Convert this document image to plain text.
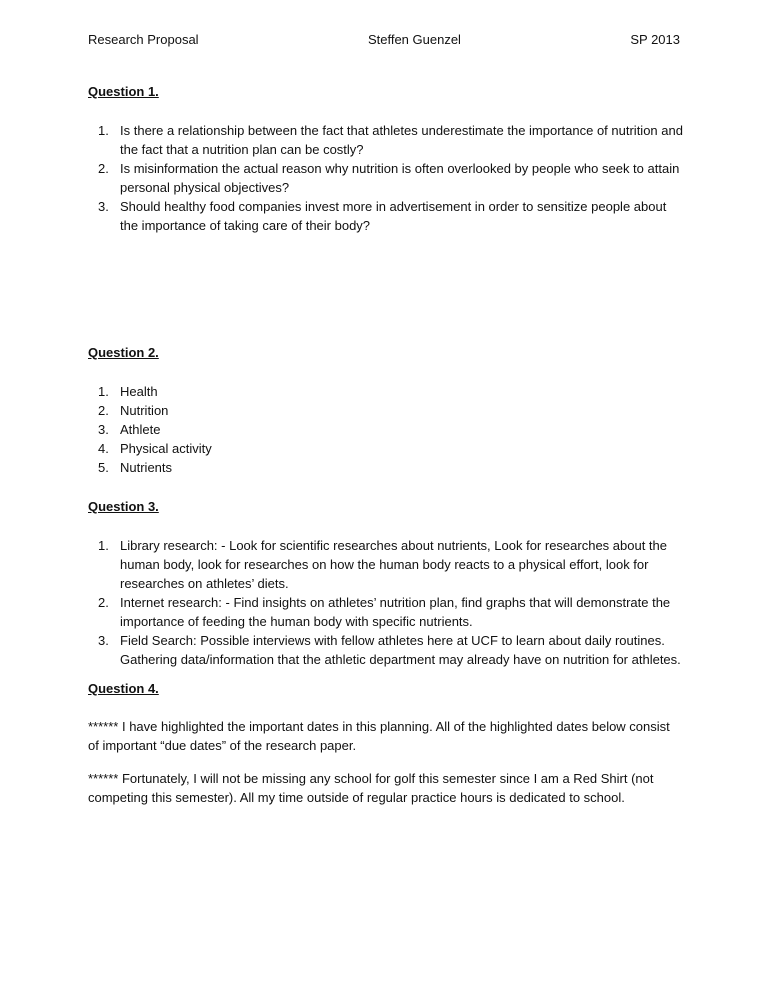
Research Proposal	Steffen Guenzel	SP 2013

Question 1.

1. Is there a relationship between the fact that athletes underestimate the importance of nutrition and the fact that a nutrition plan can be costly?
2. Is misinformation the actual reason why nutrition is often overlooked by people who seek to attain personal physical objectives?
3. Should healthy food companies invest more in advertisement in order to sensitize people about the importance of taking care of their body?

Question 2.

1. Health
2. Nutrition
3. Athlete
4. Physical activity
5. Nutrients

Question 3.

1. Library research: - Look for scientific researches about nutrients, Look for researches about the human body, look for researches on how the human body reacts to a physical effort, look for researches on athletes’ diets.
2. Internet research: - Find insights on athletes’ nutrition plan, find graphs that will demonstrate the importance of feeding the human body with specific nutrients.
3. Field Search: Possible interviews with fellow athletes here at UCF to learn about daily routines. Gathering data/information that the athletic department may already have on nutrition for athletes.

Question 4.

****** I have highlighted the important dates in this planning. All of the highlighted dates below consist of important “due dates” of the research paper.

****** Fortunately, I will not be missing any school for golf this semester since I am a Red Shirt (not competing this semester). All my time outside of regular practice hours is dedicated to school.
